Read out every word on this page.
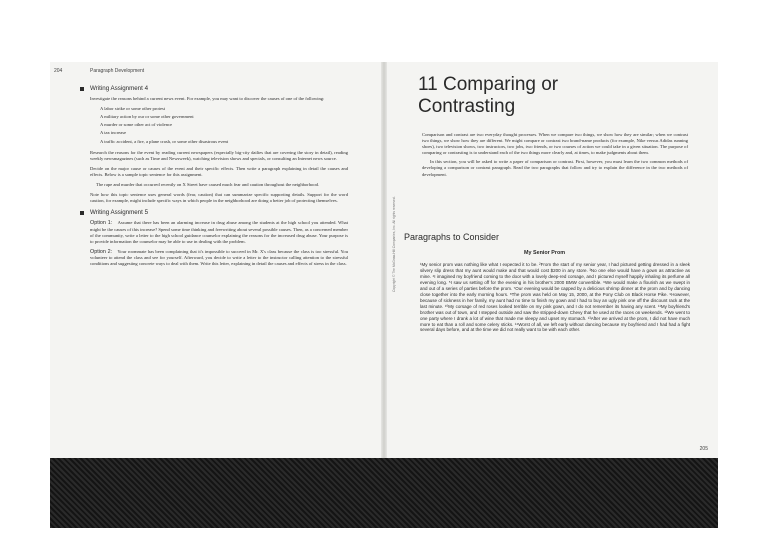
204	Paragraph Development
Writing Assignment 4

Investigate the reasons behind a current news event. For example, you may want to discover the causes of one of the following:

A labor strike or some other protest
A military action by our or some other government
A murder or some other act of violence
A tax increase
A traffic accident, a fire, a plane crash, or some other disastrous event

Research the reasons for the event by reading current newspapers (especially big-city dailies that are covering the story in detail), reading weekly newsmagazines (such as Time and Newsweek), watching television shows and specials, or consulting an Internet news source.

Decide on the major cause or causes of the event and their specific effects. Then write a paragraph explaining in detail the causes and effects. Below is a sample topic sentence for this assignment.

The rape and murder that occurred recently on X Street have caused much fear and caution throughout the neighborhood.

Note how this topic sentence uses general words (fear, caution) that can summarize specific supporting details. Support for the word caution, for example, might include specific ways in which people in the neighborhood are doing a better job of protecting themselves.

Writing Assignment 5

Option 1: Assume that there has been an alarming increase in drug abuse among the students at the high school you attended. What might be the causes of this increase? Spend some time thinking and freewriting about several possible causes. Then, as a concerned member of the community, write a letter to the high school guidance counselor explaining the reasons for the increased drug abuse. Your purpose is to provide information the counselor may be able to use in dealing with the problem.

Option 2: Your roommate has been complaining that it's impossible to succeed in Mr. X's class because the class is too stressful. You volunteer to attend the class and see for yourself. Afterward, you decide to write a letter to the instructor calling attention to the stressful conditions and suggesting concrete ways to deal with them. Write this letter, explaining in detail the causes and effects of stress in the class.	Copyright © The McGraw-Hill Companies, Inc. All rights reserved.
11 Comparing or
Contrasting

Comparison and contrast are two everyday thought processes. When we compare two things, we show how they are similar; when we contrast two things, we show how they are different. We might compare or contrast two brand-name products (for example, Nike versus Adidas running shoes), two television shows, two instructors, two jobs, two friends, or two courses of action we could take in a given situation. The purpose of comparing or contrasting is to understand each of the two things more clearly and, at times, to make judgments about them.

In this section, you will be asked to write a paper of comparison or contrast. First, however, you must learn the two common methods of developing a comparison or contrast paragraph. Read the two paragraphs that follow and try to explain the difference in the two methods of development.

Paragraphs to Consider
My Senior Prom
¹My senior prom was nothing like what I expected it to be. ²From the start of my senior year, I had pictured getting dressed in a sleek silvery slip dress that my aunt would make and that would cost $200 in any store. ³No one else would have a gown as attractive as mine. ⁴I imagined my boyfriend coming to the door with a lovely deep-red corsage, and I pictured myself happily inhaling its perfume all evening long. ⁵I saw us setting off for the evening in his brother's 2000 BMW convertible. ⁶We would make a flourish as we swept in and out of a series of parties before the prom. ⁷Our evening would be capped by a delicious shrimp dinner at the prom and by dancing close together into the early morning hours. ⁸The prom was held on May 15, 2000, at the Pony Club on Black Horse Pike. ⁹However, because of sickness in her family, my aunt had no time to finish my gown and I had to buy an ugly pink one off the discount rack at the last minute. ¹⁰My corsage of red roses looked terrible on my pink gown, and I do not remember its having any scent. ¹¹My boyfriend's brother was out of town, and I stepped outside and saw the stripped-down Chevy that he used at the races on weekends. ¹²We went to one party where I drank a lot of wine that made me sleepy and upset my stomach. ¹³After we arrived at the prom, I did not have much more to eat than a roll and some celery sticks. ¹⁴Worst of all, we left early without dancing because my boyfriend and I had had a fight several days before, and at the time we did not really want to be with each other.
205
